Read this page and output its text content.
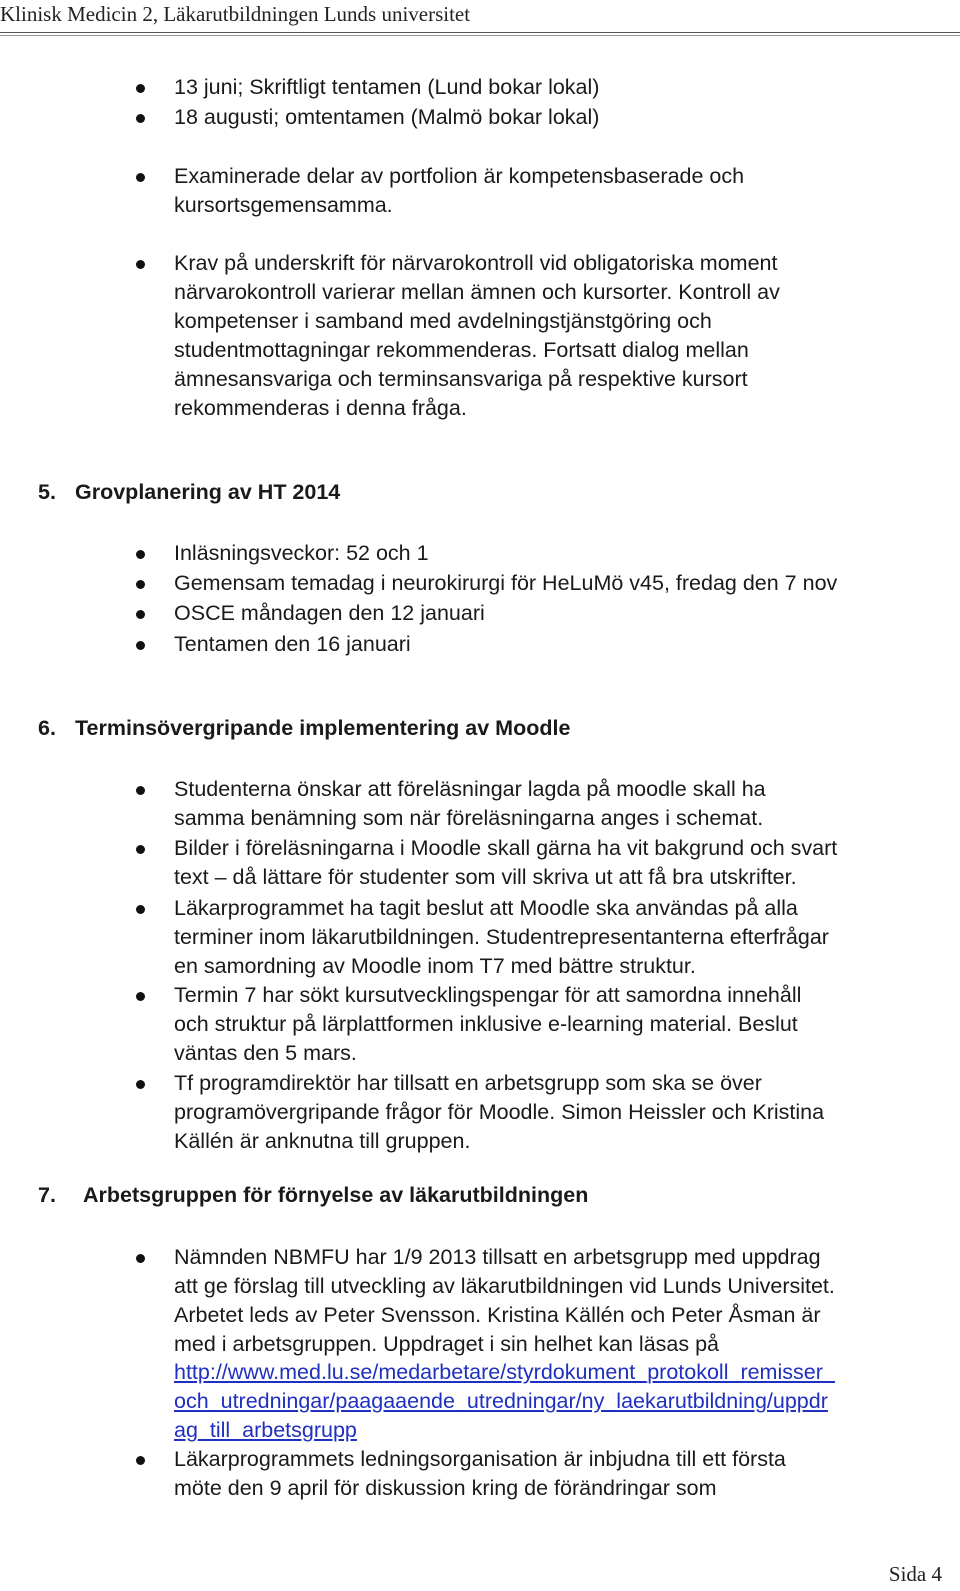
Klinisk Medicin 2, Läkarutbildningen Lunds universitet
13 juni; Skriftligt tentamen (Lund bokar lokal)
18 augusti; omtentamen (Malmö bokar lokal)
Examinerade delar av portfolion är kompetensbaserade och
kursortsgemensamma.
Krav på underskrift för närvarokontroll vid obligatoriska moment
närvarokontroll varierar mellan ämnen och kursorter. Kontroll av
kompetenser i samband med avdelningstjänstgöring och
studentmottagningar rekommenderas. Fortsatt dialog mellan
ämnesansvariga och terminsansvariga på respektive kursort
rekommenderas i denna fråga.
5. Grovplanering av HT 2014
Inläsningsveckor: 52 och 1
Gemensam temadag i neurokirurgi för HeLuMö v45, fredag den 7 nov
OSCE måndagen den 12 januari
Tentamen den 16 januari
6. Terminsövergripande implementering av Moodle
Studenterna önskar att föreläsningar lagda på moodle skall ha
samma benämning som när föreläsningarna anges i schemat.
Bilder i föreläsningarna i Moodle skall gärna ha vit bakgrund och svart
text – då lättare för studenter som vill skriva ut att få bra utskrifter.
Läkarprogrammet ha tagit beslut att Moodle ska användas på alla
terminer inom läkarutbildningen. Studentrepresentanterna efterfrågar
en samordning av Moodle inom T7 med bättre struktur.
Termin 7 har sökt kursutvecklingspengar för att samordna innehåll
och struktur på lärplattformen inklusive e-learning material. Beslut
väntas den 5 mars.
Tf programdirektör har tillsatt en arbetsgrupp som ska se över
programövergripande frågor för Moodle. Simon Heissler och Kristina
Källén är anknutna till gruppen.
7. Arbetsgruppen för förnyelse av läkarutbildningen
Nämnden NBMFU har 1/9 2013 tillsatt en arbetsgrupp med uppdrag
att ge förslag till utveckling av läkarutbildningen vid Lunds Universitet.
Arbetet leds av Peter Svensson. Kristina Källén och Peter Åsman är
med i arbetsgruppen. Uppdraget i sin helhet kan läsas på
http://www.med.lu.se/medarbetare/styrdokument_protokoll_remisser_
och_utredningar/paagaaende_utredningar/ny_laekarutbildning/uppdr
ag_till_arbetsgrupp
Läkarprogrammets ledningsorganisation är inbjudna till ett första
möte den 9 april för diskussion kring de förändringar som
Sida 4
